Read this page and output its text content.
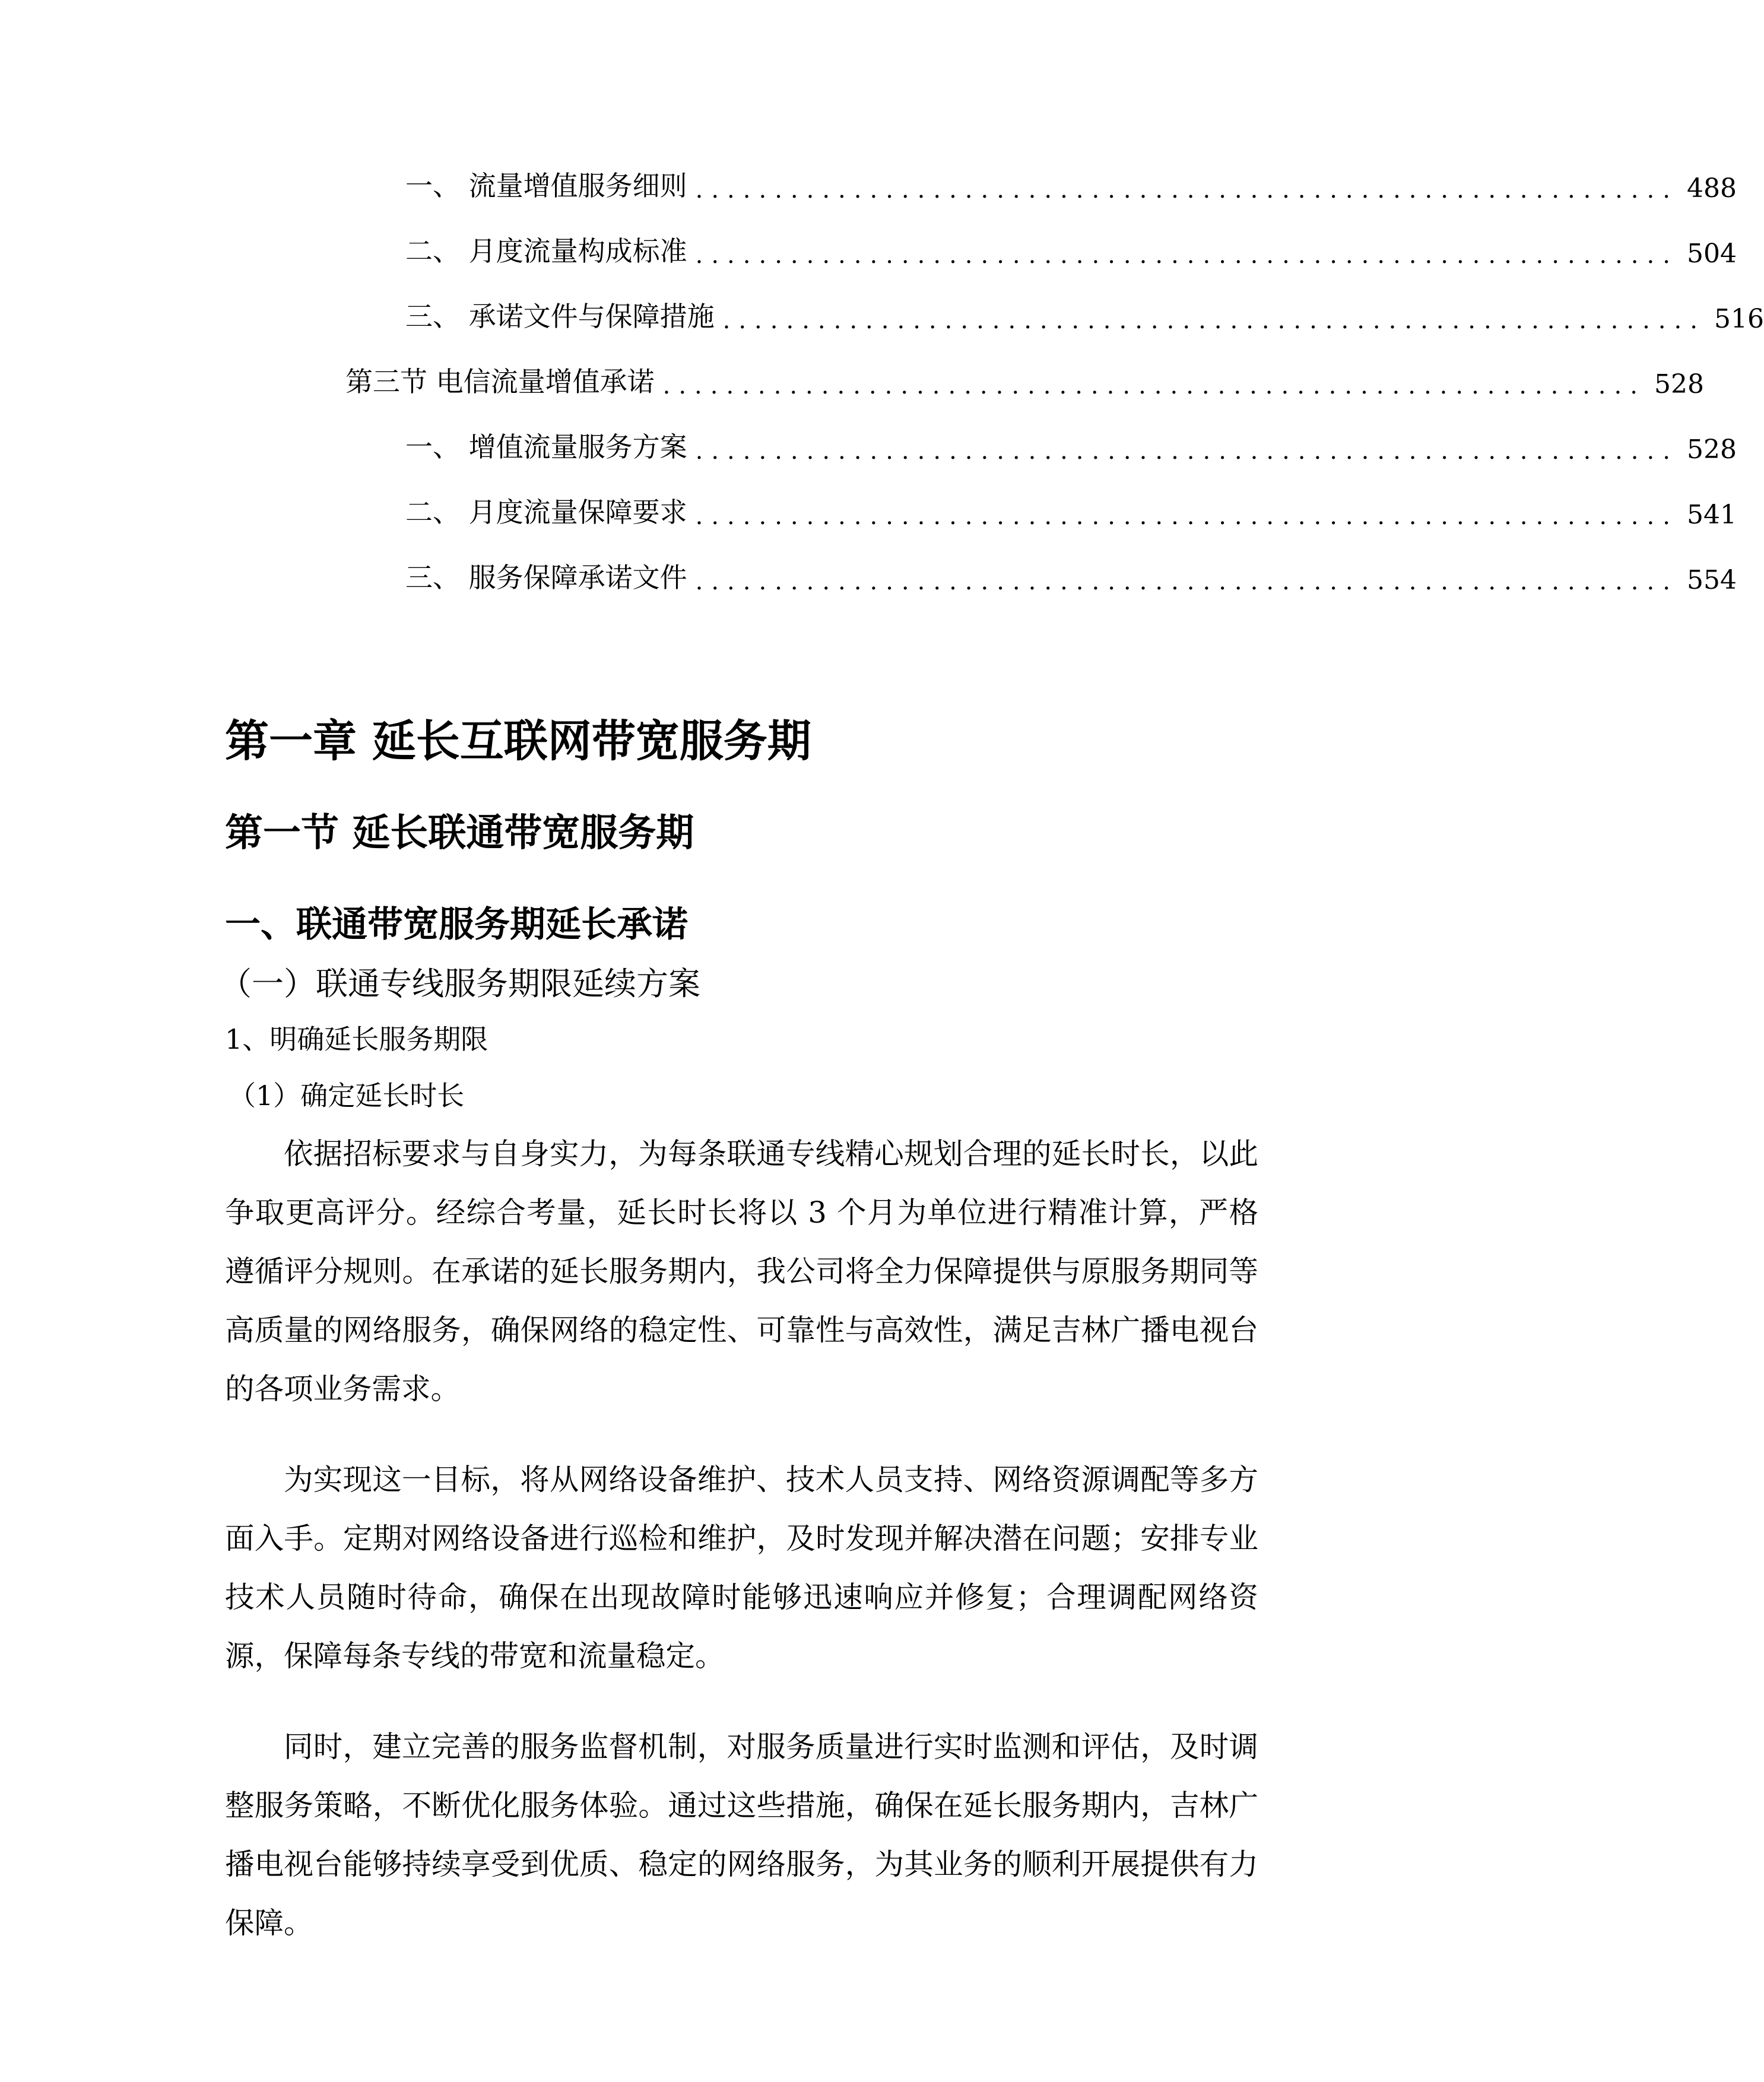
一、 流量增值服务细则 .............................................................. 488
二、 月度流量构成标准 .............................................................. 504
三、 承诺文件与保障措施 .............................................................. 516
第三节 电信流量增值承诺 .............................................................. 528
一、 增值流量服务方案 .............................................................. 528
二、 月度流量保障要求 .............................................................. 541
三、 服务保障承诺文件 .............................................................. 554
第一章 延长互联网带宽服务期
第一节 延长联通带宽服务期
一、联通带宽服务期延长承诺
（一）联通专线服务期限延续方案
1、明确延长服务期限
（1）确定延长时长

依据招标要求与自身实力，为每条联通专线精心规划合理的延长时长，以此争取更高评分。经综合考量，延长时长将以 3 个月为单位进行精准计算，严格遵循评分规则。在承诺的延长服务期内，我公司将全力保障提供与原服务期同等高质量的网络服务，确保网络的稳定性、可靠性与高效性，满足吉林广播电视台的各项业务需求。

为实现这一目标，将从网络设备维护、技术人员支持、网络资源调配等多方面入手。定期对网络设备进行巡检和维护，及时发现并解决潜在问题；安排专业技术人员随时待命，确保在出现故障时能够迅速响应并修复；合理调配网络资源，保障每条专线的带宽和流量稳定。

同时，建立完善的服务监督机制，对服务质量进行实时监测和评估，及时调整服务策略，不断优化服务体验。通过这些措施，确保在延长服务期内，吉林广播电视台能够持续享受到优质、稳定的网络服务，为其业务的顺利开展提供有力保障。
